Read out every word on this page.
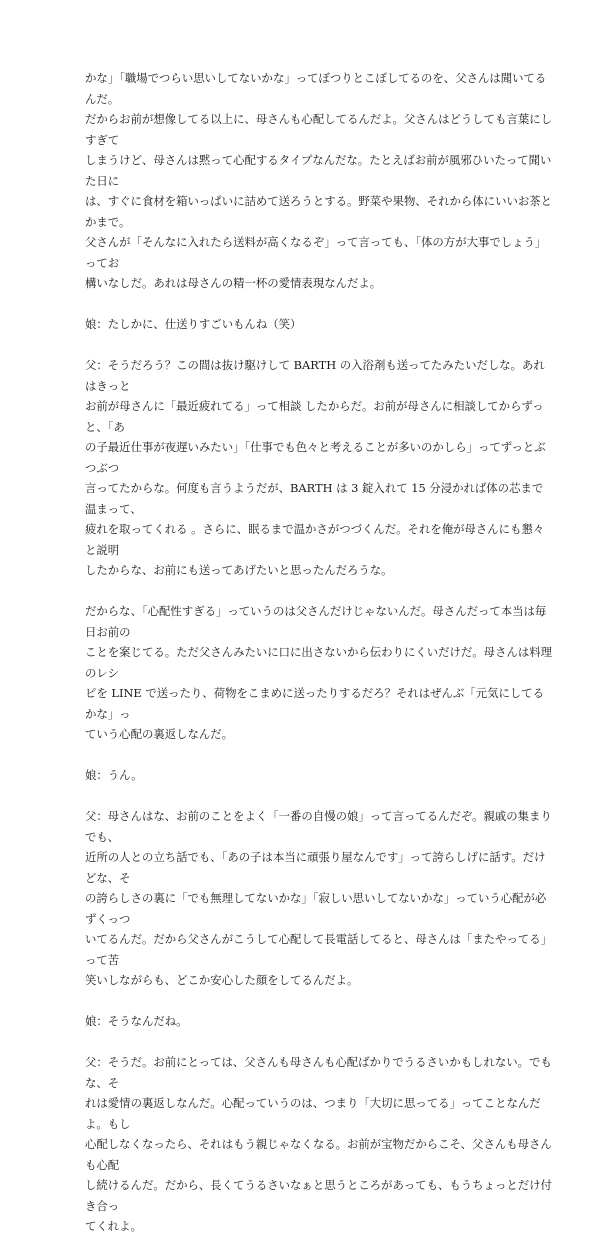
かな」「職場でつらい思いしてないかな」ってぼつりとこぼしてるのを、父さんは聞いてるんだ。
だからお前が想像してる以上に、母さんも心配してるんだよ。父さんはどうしても言葉にしすぎて
しまうけど、母さんは黙って心配するタイプなんだな。たとえばお前が風邪ひいたって聞いた日に
は、すぐに食材を箱いっぱいに詰めて送ろうとする。野菜や果物、それから体にいいお茶とかまで。
父さんが「そんなに入れたら送料が高くなるぞ」って言っても、「体の方が大事でしょう」ってお
構いなしだ。あれは母さんの精一杯の愛情表現なんだよ。

娘：たしかに、仕送りすごいもんね（笑）

父：そうだろう？この間は抜け駆けして BARTH の入浴剤も送ってたみたいだしな。あれはきっと
お前が母さんに「最近疲れてる」って相談 したからだ。お前が母さんに相談してからずっと、「あ
の子最近仕事が夜遅いみたい」「仕事でも色々と考えることが多いのかしら」ってずっとぶつぶつ
言ってたからな。何度も言うようだが、BARTH は 3 錠入れて 15 分浸かれば体の芯まで 温まって、
疲れを取ってくれる 。さらに、眠るまで温かさがつづくんだ。それを俺が母さんにも懇々と説明
したからな、お前にも送ってあげたいと思ったんだろうな。

だからな、「心配性すぎる」っていうのは父さんだけじゃないんだ。母さんだって本当は毎日お前の
ことを案じてる。ただ父さんみたいに口に出さないから伝わりにくいだけだ。母さんは料理のレシ
ピを LINE で送ったり、荷物をこまめに送ったりするだろ？それはぜんぶ「元気にしてるかな」っ
ていう心配の裏返しなんだ。

娘：うん。

父：母さんはな、お前のことをよく「一番の自慢の娘」って言ってるんだぞ。親戚の集まりでも、
近所の人との立ち話でも、「あの子は本当に頑張り屋なんです」って誇らしげに話す。だけどな、そ
の誇らしさの裏に「でも無理してないかな」「寂しい思いしてないかな」っていう心配が必ずくっつ
いてるんだ。だから父さんがこうして心配して長電話してると、母さんは「またやってる」って苦
笑いしながらも、どこか安心した顔をしてるんだよ。

娘：そうなんだね。

父：そうだ。お前にとっては、父さんも母さんも心配ばかりでうるさいかもしれない。でもな、そ
れは愛情の裏返しなんだ。心配っていうのは、つまり「大切に思ってる」ってことなんだよ。もし
心配しなくなったら、それはもう親じゃなくなる。お前が宝物だからこそ、父さんも母さんも心配
し続けるんだ。だから、長くてうるさいなぁと思うところがあっても、もうちょっとだけ付き合っ
てくれよ。
